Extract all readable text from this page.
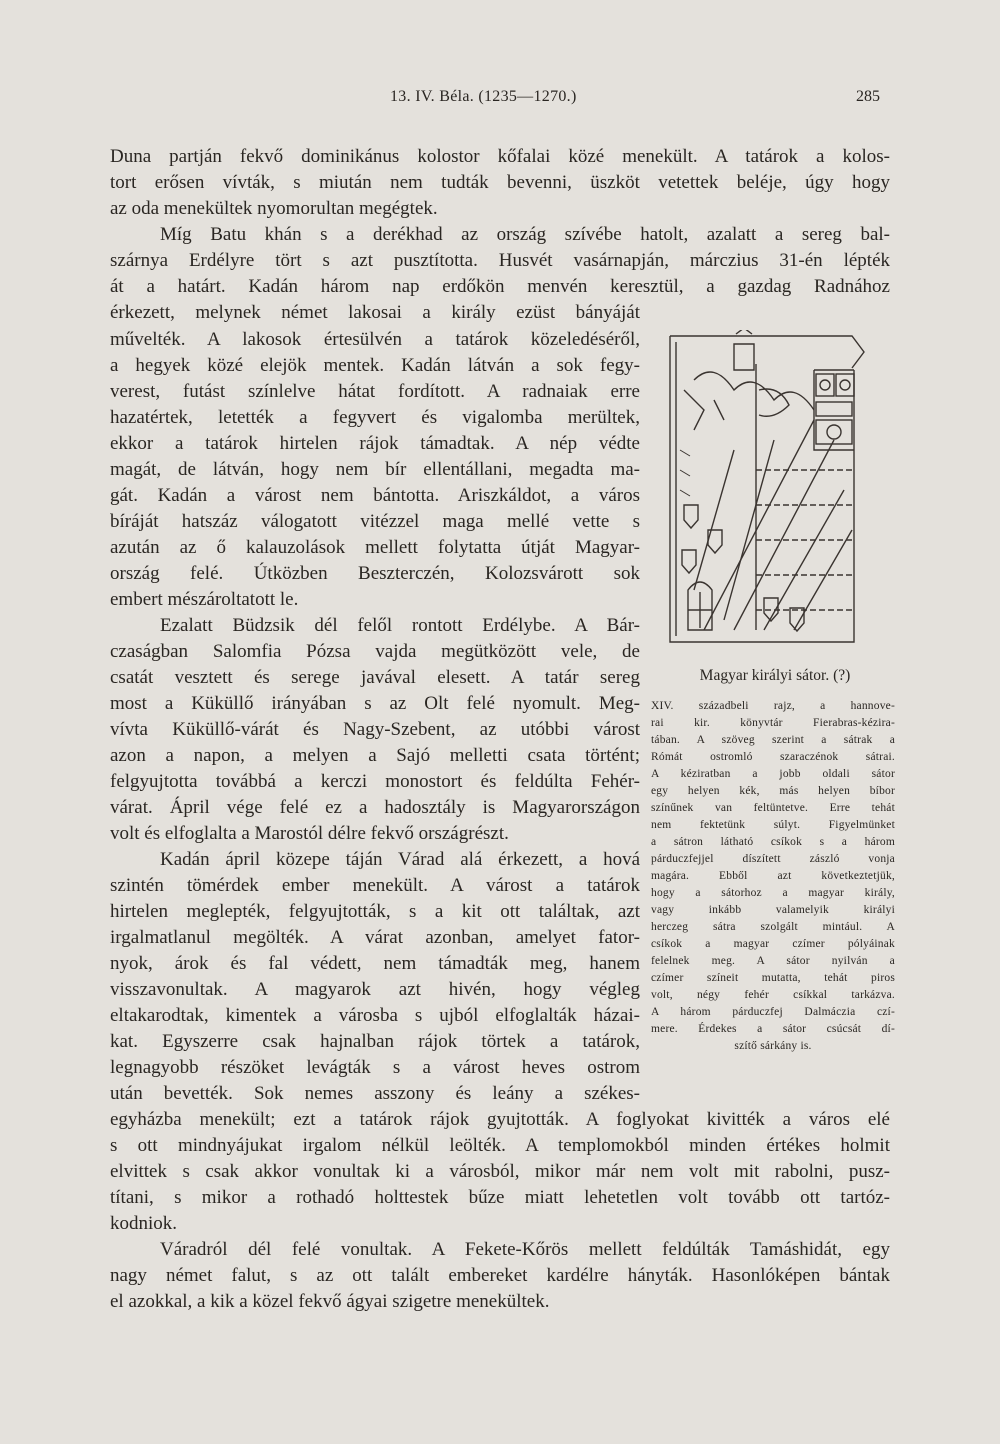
13. IV. Béla. (1235—1270.)	285
Duna partján fekvő dominikánus kolostor kőfalai közé menekült. A tatárok a kolos-
tort erősen vívták, s miután nem tudták bevenni, üszköt vetettek beléje, úgy hogy
az oda menekültek nyomorultan megégtek.
Míg Batu khán s a derékhad az ország szívébe hatolt, azalatt a sereg bal-
szárnya Erdélyre tört s azt pusztította. Husvét vasárnapján, márczius 31-én lépték
át a határt. Kadán három nap erdőkön menvén keresztül, a gazdag Radnához
érkezett, melynek német lakosai a király ezüst bányáját
művelték. A lakosok értesülvén a tatárok közeledéséről,
a hegyek közé elejök mentek. Kadán látván a sok fegy-
verest, futást színlelve hátat fordított. A radnaiak erre
hazatértek, letették a fegyvert és vigalomba merültek,
ekkor a tatárok hirtelen rájok támadtak. A nép védte
magát, de látván, hogy nem bír ellentállani, megadta ma-
gát. Kadán a várost nem bántotta. Ariszkáldot, a város
bíráját hatszáz válogatott vitézzel maga mellé vette s
azután az ő kalauzolások mellett folytatta útját Magyar-
ország felé. Útközben Beszterczén, Kolozsvárott sok
embert mészároltatott le.
Ezalatt Büdzsik dél felől rontott Erdélybe. A Bár-
czaságban Salomfia Pózsa vajda megütközött vele, de
csatát vesztett és serege javával elesett. A tatár sereg
most a Küküllő irányában s az Olt felé nyomult. Meg-
vívta Küküllő-várát és Nagy-Szebent, az utóbbi várost
azon a napon, a melyen a Sajó melletti csata történt;
felgyujtotta továbbá a kerczi monostort és feldúlta Fehér-
várat. Ápril vége felé ez a hadosztály is Magyarországon
volt és elfoglalta a Marostól délre fekvő országrészt.
Kadán ápril közepe táján Várad alá érkezett, a hová
szintén tömérdek ember menekült. A várost a tatárok
hirtelen meglepték, felgyujtották, s a kit ott találtak, azt
irgalmatlanul megölték. A várat azonban, amelyet fator-
nyok, árok és fal védett, nem támadták meg, hanem
visszavonultak. A magyarok azt hivén, hogy végleg
eltakarodtak, kimentek a városba s ujból elfoglalták házai-
kat. Egyszerre csak hajnalban rájok törtek a tatárok,
legnagyobb részöket levágták s a várost heves ostrom
után bevették. Sok nemes asszony és leány a székes-
egyházba menekült; ezt a tatárok rájok gyujtották. A foglyokat kivitték a város elé
s ott mindnyájukat irgalom nélkül leölték. A templomokból minden értékes holmit
elvittek s csak akkor vonultak ki a városból, mikor már nem volt mit rabolni, pusz-
títani, s mikor a rothadó holttestek bűze miatt lehetetlen volt tovább ott tartóz-
kodniok.
Váradról dél felé vonultak. A Fekete-Kőrös mellett feldúlták Tamáshidát, egy
nagy német falut, s az ott talált embereket kardélre hányták. Hasonlóképen bántak
el azokkal, a kik a közel fekvő ágyai szigetre menekültek.
Magyar királyi sátor. (?)
XIV. századbeli rajz, a hannove-
rai kir. könyvtár Fierabras-kézira-
tában. A szöveg szerint a sátrak a
Rómát ostromló szaraczénok sátrai.
A kéziratban a jobb oldali sátor
egy helyen kék, más helyen bíbor
színűnek van feltüntetve. Erre tehát
nem fektetünk súlyt. Figyelmünket
a sátron látható csíkok s a három
párduczfejjel díszített zászló vonja
magára. Ebből azt következtetjük,
hogy a sátorhoz a magyar király,
vagy inkább valamelyik királyi
herczeg sátra szolgált mintául. A
csíkok a magyar czímer pólyáinak
felelnek meg. A sátor nyilván a
czímer színeit mutatta, tehát piros
volt, négy fehér csíkkal tarkázva.
A három párduczfej Dalmáczia czí-
mere. Érdekes a sátor csúcsát dí-
szítő sárkány is.
